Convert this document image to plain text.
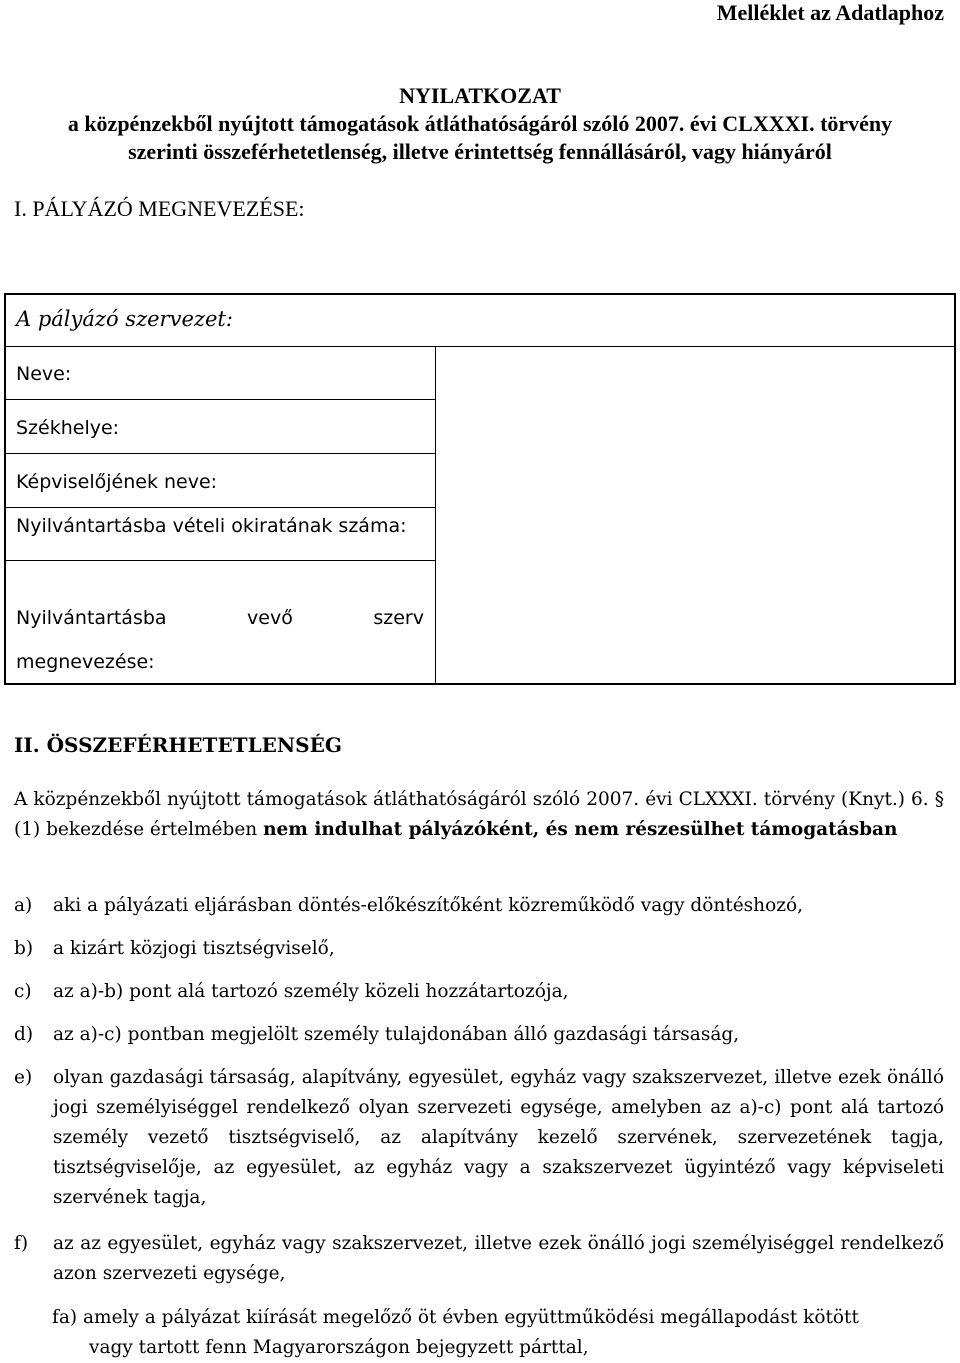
Melléklet az Adatlaphoz
NYILATKOZAT
a közpénzekből nyújtott támogatások átláthatóságáról szóló 2007. évi CLXXXI. törvény
szerinti összeférhetetlenség, illetve érintettség fennállásáról, vagy hiányáról
I. PÁLYÁZÓ MEGNEVEZÉSE:
A pályázó szervezet:
Neve:
Székhelye:
Képviselőjének neve:
Nyilvántartásba vételi okiratának száma:
Nyilvántartásba	vevő	szerv
megnevezése:
II. ÖSSZEFÉRHETETLENSÉG
A közpénzekből nyújtott támogatások átláthatóságáról szóló 2007. évi CLXXXI. törvény (Knyt.) 6. § (1) bekezdése értelmében nem indulhat pályázóként, és nem részesülhet támogatásban
a) aki a pályázati eljárásban döntés-előkészítőként közreműködő vagy döntéshozó,
b) a kizárt közjogi tisztségviselő,
c) az a)-b) pont alá tartozó személy közeli hozzátartozója,
d) az a)-c) pontban megjelölt személy tulajdonában álló gazdasági társaság,
e) olyan gazdasági társaság, alapítvány, egyesület, egyház vagy szakszervezet, illetve ezek önálló jogi személyiséggel rendelkező olyan szervezeti egysége, amelyben az a)-c) pont alá tartozó személy vezető tisztségviselő, az alapítvány kezelő szervének, szervezetének tagja, tisztségviselője, az egyesület, az egyház vagy a szakszervezet ügyintéző vagy képviseleti szervének tagja,
f) az az egyesület, egyház vagy szakszervezet, illetve ezek önálló jogi személyiséggel rendelkező azon szervezeti egysége,
fa) amely a pályázat kiírását megelőző öt évben együttműködési megállapodást kötött
vagy tartott fenn Magyarországon bejegyzett párttal,
